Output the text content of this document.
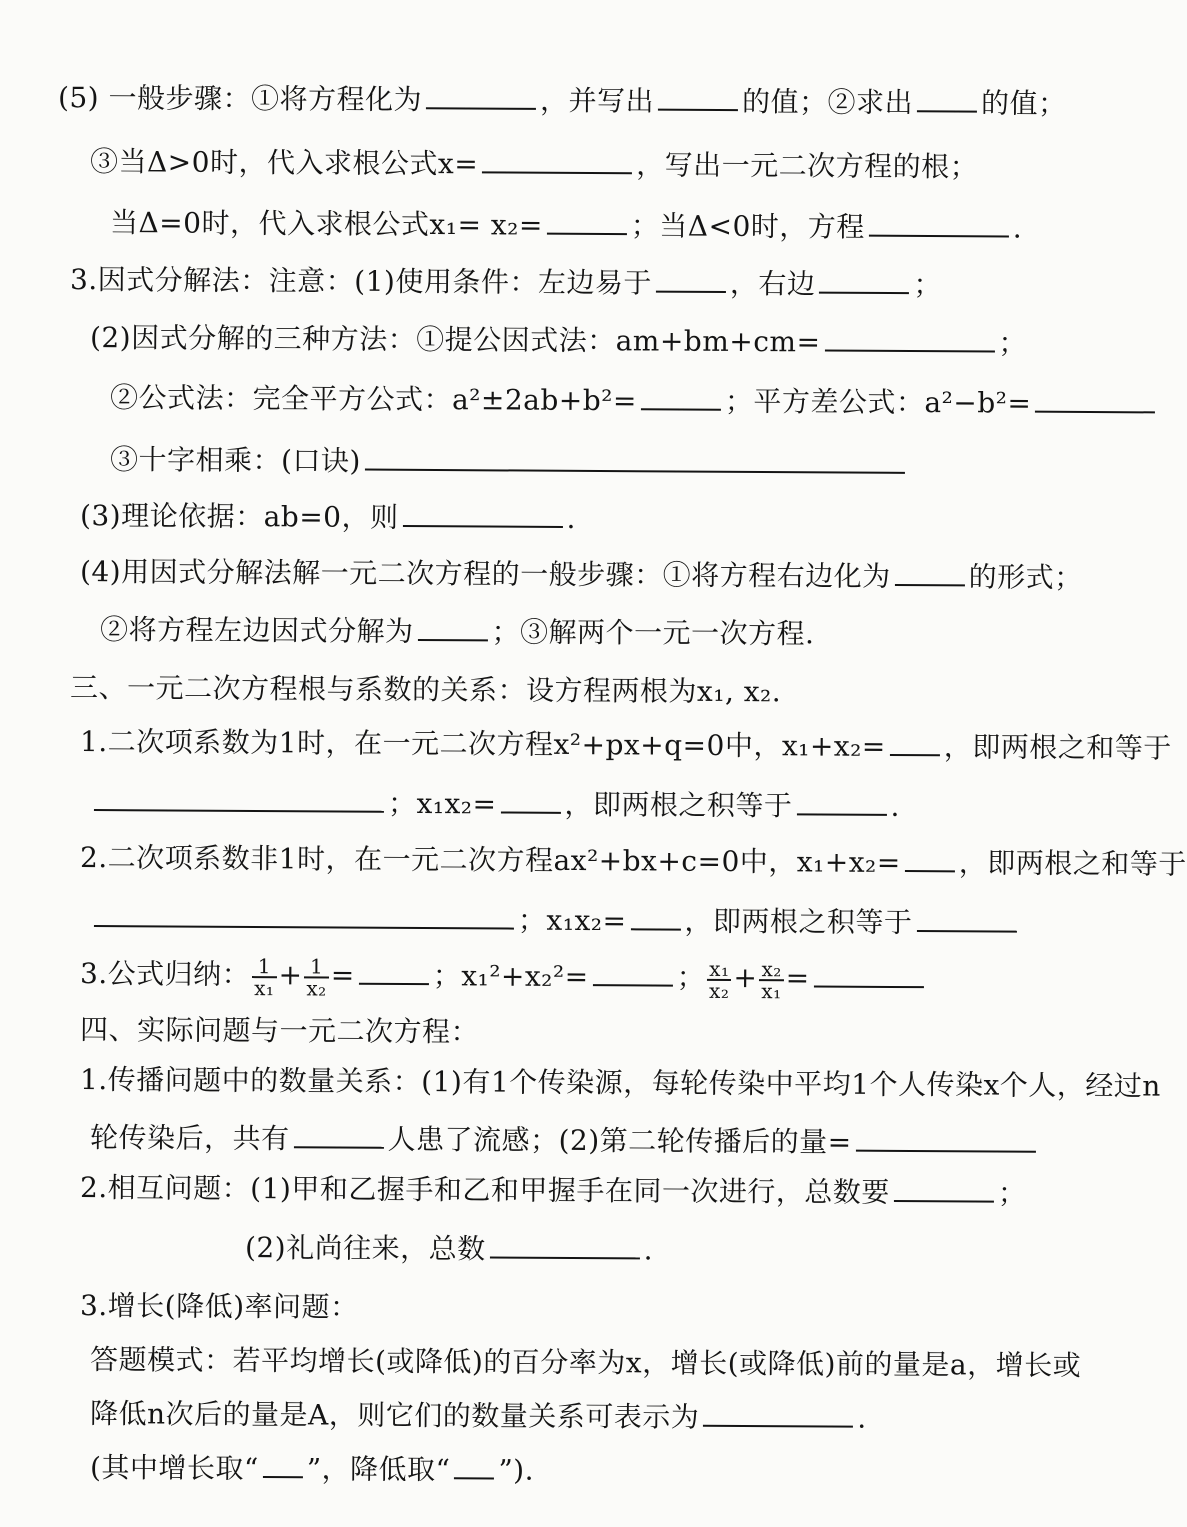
(5) 一般步骤：①将方程化为	，并写出	的值；②求出 的值；
③当Δ>0时，代入求根公式x=	，写出一元二次方程的根；
当Δ=0时，代入求根公式x₁= x₂=	；当Δ<0时，方程	.
3.因式分解法：注意：(1)使用条件：左边易于	，右边	；
(2)因式分解的三种方法：①提公因式法：am+bm+cm=	；
②公式法：完全平方公式：a²±2ab+b²=	；平方差公式：a²−b²=
③十字相乘：(口诀)
(3)理论依据：ab=0，则	.
(4)用因式分解法解一元二次方程的一般步骤：①将方程右边化为	的形式；
②将方程左边因式分解为	；③解两个一元一次方程.
三、一元二次方程根与系数的关系：设方程两根为x₁, x₂.
1.二次项系数为1时，在一元二次方程x²+px+q=0中，x₁+x₂= ，即两根之和等于
；x₁x₂= ，即两根之积等于	.
2.二次项系数非1时，在一元二次方程ax²+bx+c=0中，x₁+x₂= ，即两根之和等于
；x₁x₂= ，即两根之积等于
3.公式归纳： $\frac{1}{\text{x₁}} + \frac{1}{\text{x₂}}$ =	；x₁²+x₂²=	； $\frac{\text{x₁}}{\text{x₂}} + \frac{\text{x₂}}{\text{x₁}}$ =
四、实际问题与一元二次方程：
1.传播问题中的数量关系：(1)有1个传染源，每轮传染中平均1个人传染x个人，经过n
轮传染后，共有	人患了流感；(2)第二轮传播后的量=
2.相互问题：(1)甲和乙握手和乙和甲握手在同一次进行，总数要	；
(2)礼尚往来，总数	.
3.增长(降低)率问题：
答题模式：若平均增长(或降低)的百分率为x，增长(或降低)前的量是a，增长或
降低n次后的量是A，则它们的数量关系可表示为	.
(其中增长取“ ”，降低取“ ”).
